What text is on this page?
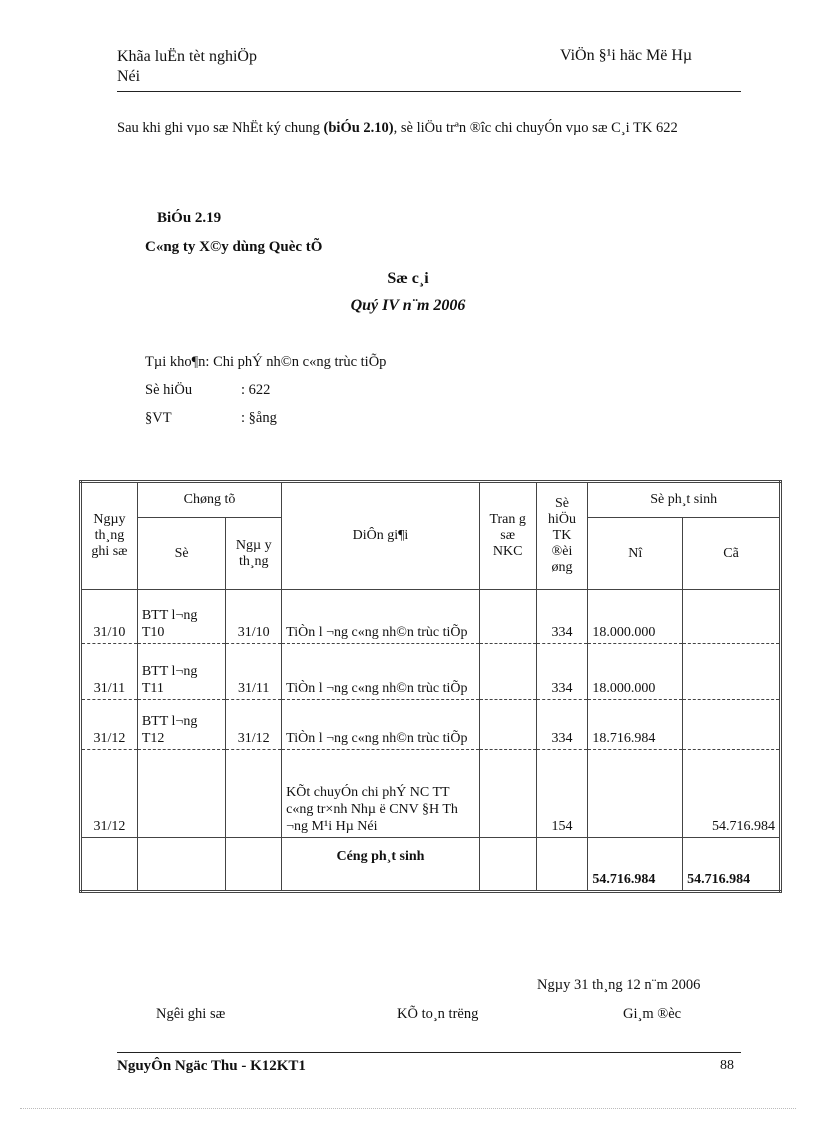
Khãa luËn tèt nghiÖp
Néi
ViÖn §¹i häc Më Hµ
Sau khi ghi vµo sæ NhËt ký chung (biÓu 2.10), sè liÖu trªn ®îc chi chuyÓn vµo sæ C¸i TK 622
BiÓu 2.19
C«ng ty X©y dùng Quèc tÕ
Sæ c¸i
Quý IV n¨m 2006
Tµi kho¶n: Chi phÝ nh©n c«ng trùc tiÕp
Sè hiÖu	: 622
§VT	: §ång
Ngµy th¸ng ghi sæ	Chøng tõ		DiÔn gi¶i	Tran g sæ NKC	Sè hiÖu TK ®èi øng	Sè ph¸t sinh	
	Sè	Ngµ y th¸ng				Nî	Cã
31/10	BTT l¬ng T10	31/10	TiÒn l ¬ng c«ng nh©n trùc tiÕp		334	18.000.000	
31/11	BTT l¬ng T11	31/11	TiÒn l ¬ng c«ng nh©n trùc tiÕp		334	18.000.000	
31/12	BTT l¬ng T12	31/12	TiÒn l ¬ng c«ng nh©n trùc tiÕp		334	18.716.984	
31/12			KÕt chuyÓn chi phÝ NC TT c«ng tr×nh Nhµ ë CNV §H Th ¬ng M¹i Hµ Néi		154		54.716.984
			Céng ph¸t sinh			54.716.984	54.716.984
Ngµy 31 th¸ng 12 n¨m 2006
Ngêi ghi sæ	KÕ to¸n trëng	Gi¸m ®èc
NguyÔn Ngäc Thu - K12KT1	88
